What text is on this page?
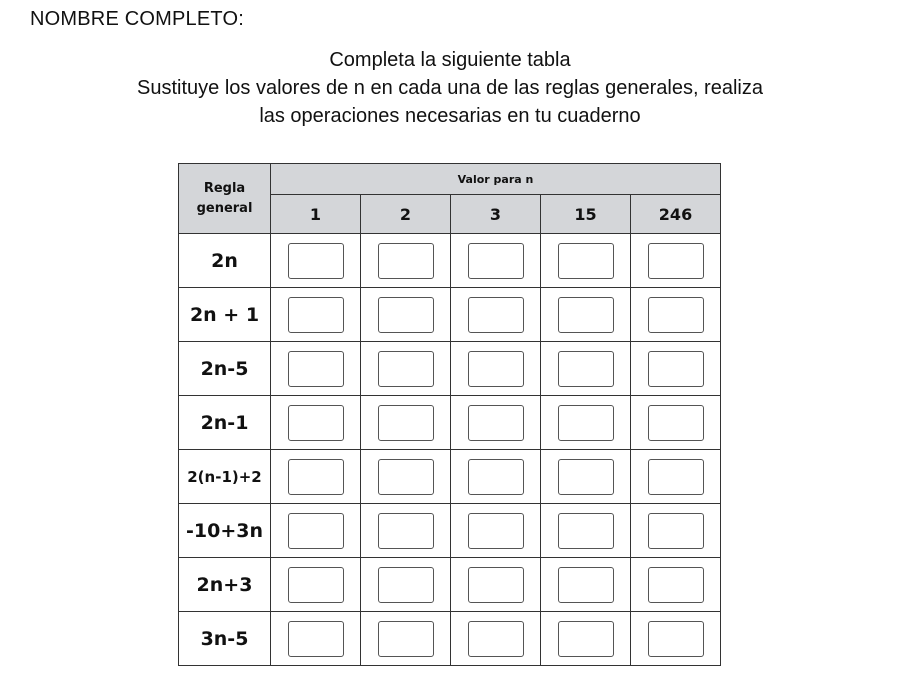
NOMBRE COMPLETO:
Completa la siguiente tabla
Sustituye los valores de n en cada una de las reglas generales, realiza
las operaciones necesarias en tu cuaderno
Regla
general	Valor para n				
	1	2	3	15	246
2n	

2n + 1	

2n-5	

2n-1	

2(n-1)+2	

-10+3n	

2n+3	

3n-5	
